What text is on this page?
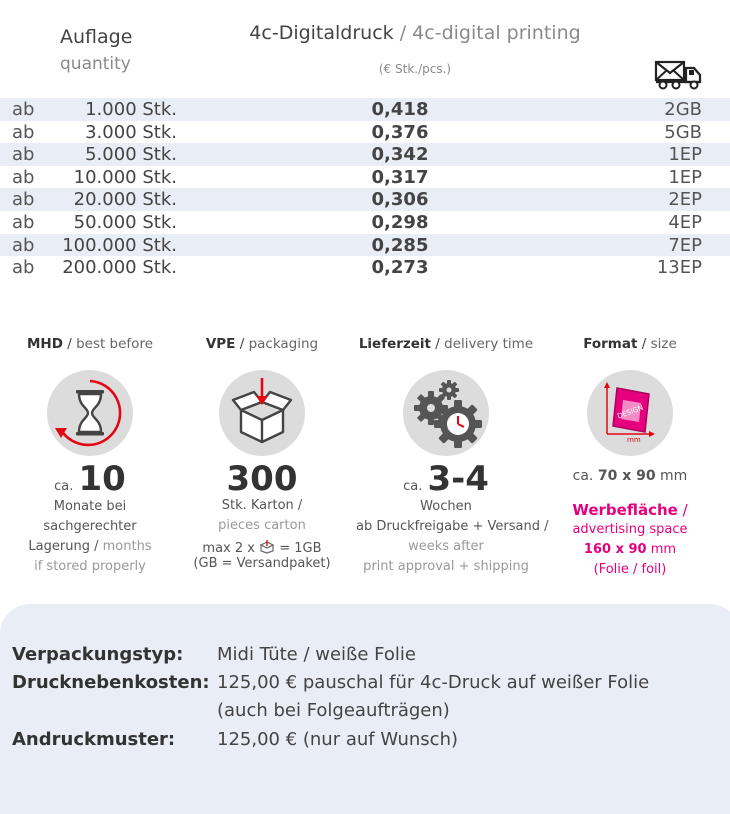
Auflage
quantity
4c-Digitaldruck / 4c-digital printing
(€ Stk./pcs.)
ab	1.000 Stk.	0,418	2GB
ab	3.000 Stk.	0,376	5GB
ab	5.000 Stk.	0,342	1EP
ab	10.000 Stk.	0,317	1EP
ab	20.000 Stk.	0,306	2EP
ab	50.000 Stk.	0,298	4EP
ab	100.000 Stk.	0,285	7EP
ab	200.000 Stk.	0,273	13EP
MHD / best before
ca. 10
Monate bei
sachgerechter
Lagerung / months
if stored properly
VPE / packaging
300
Stk. Karton /
pieces carton
max 2 x = 1GB
(GB = Versandpaket)
Lieferzeit / delivery time
ca. 3-4
Wochen
ab Druckfreigabe + Versand /
weeks after
print approval + shipping
Format / size
DESIGN
mm
ca. 70 x 90 mm
Werbefläche /
advertising space
160 x 90 mm
(Folie / foil)
Verpackungstyp: Midi Tüte / weiße Folie
Drucknebenkosten: 125,00 € pauschal für 4c-Druck auf weißer Folie
(auch bei Folgeaufträgen)
Andruckmuster: 125,00 € (nur auf Wunsch)
